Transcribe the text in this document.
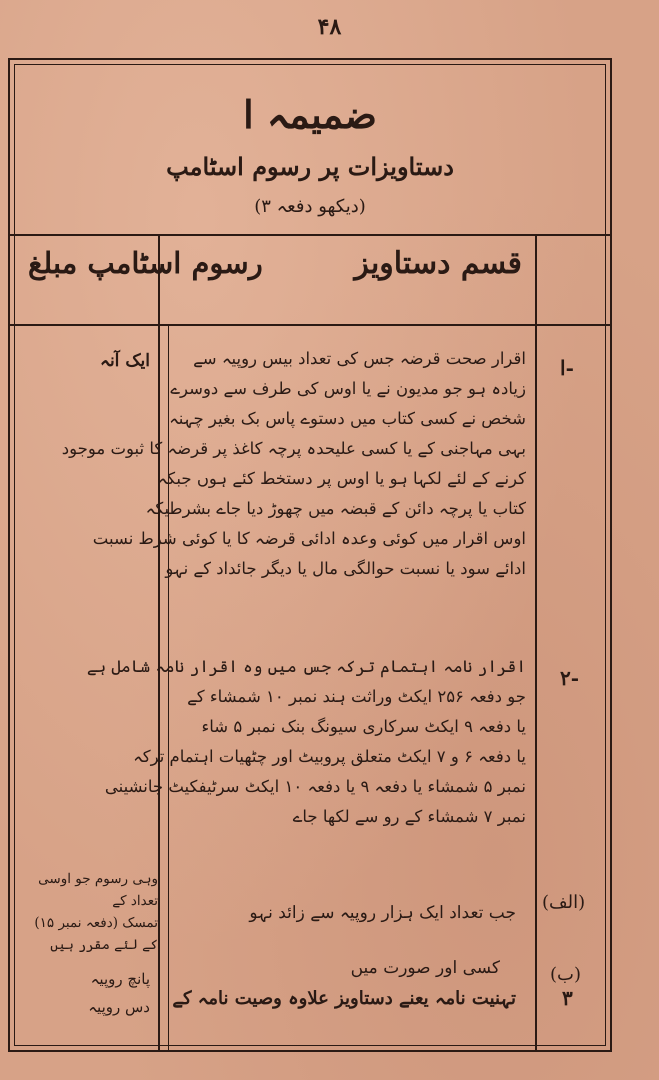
۴۸
ضمیمہ ا
دستاویزات پر رسوم اسٹامپ
(دیکھو دفعہ ۳)
قسم دستاویز
رسوم اسٹامپ مبلغ
ا-
اقرار صحت قرضہ جس کی تعداد بیس روپیہ سے
زیادہ ہو جو مدیون نے یا اوس کی طرف سے دوسرے
شخص نے کسی کتاب میں دستوے پاس بک بغیر چہنہ
بہی مہاجنی کے یا کسی علیحدہ پرچہ کاغذ پر قرضہ کا ثبوت موجود
کرنے کے لئے لکہا ہو یا اوس پر دستخط کئے ہوں جبکہ
کتاب یا پرچہ دائن کے قبضہ میں چھوڑ دیا جاے بشرطیکہ
اوس اقرار میں کوئی وعدہ ادائی قرضہ کا یا کوئی شرط نسبت
ادائے سود یا نسبت حوالگی مال یا دیگر جائداد کے نہو
ایک آنہ
۲-
اقرار نامہ اہتمام ترکہ جس میں وہ اقرار نامہ شامل ہے
جو دفعہ ۲۵۶ ایکٹ وراثت ہند نمبر ۱۰ شمشاء کے
یا دفعہ ۹ ایکٹ سرکاری سیونگ بنک نمبر ۵ شاء
یا دفعہ ۶ و ۷ ایکٹ متعلق پروبیٹ اور چٹھیات اہتمام ترکہ
نمبر ۵ شمشاء یا دفعہ ۹ یا دفعہ ۱۰ ایکٹ سرٹیفکیٹ جانشینی
نمبر ۷ شمشاء کے رو سے لکھا جاے
(الف)
جب تعداد ایک ہزار روپیہ سے زائد نہو
وہی رسوم جو اوسی تعداد کے
تمسک (دفعہ نمبر ۱۵) کے لئے مقرر ہیں
(ب)
کسی اور صورت میں
پانچ روپیہ
۳
تہنیت نامہ یعنے دستاویز علاوہ وصیت نامہ کے
دس روپیہ
